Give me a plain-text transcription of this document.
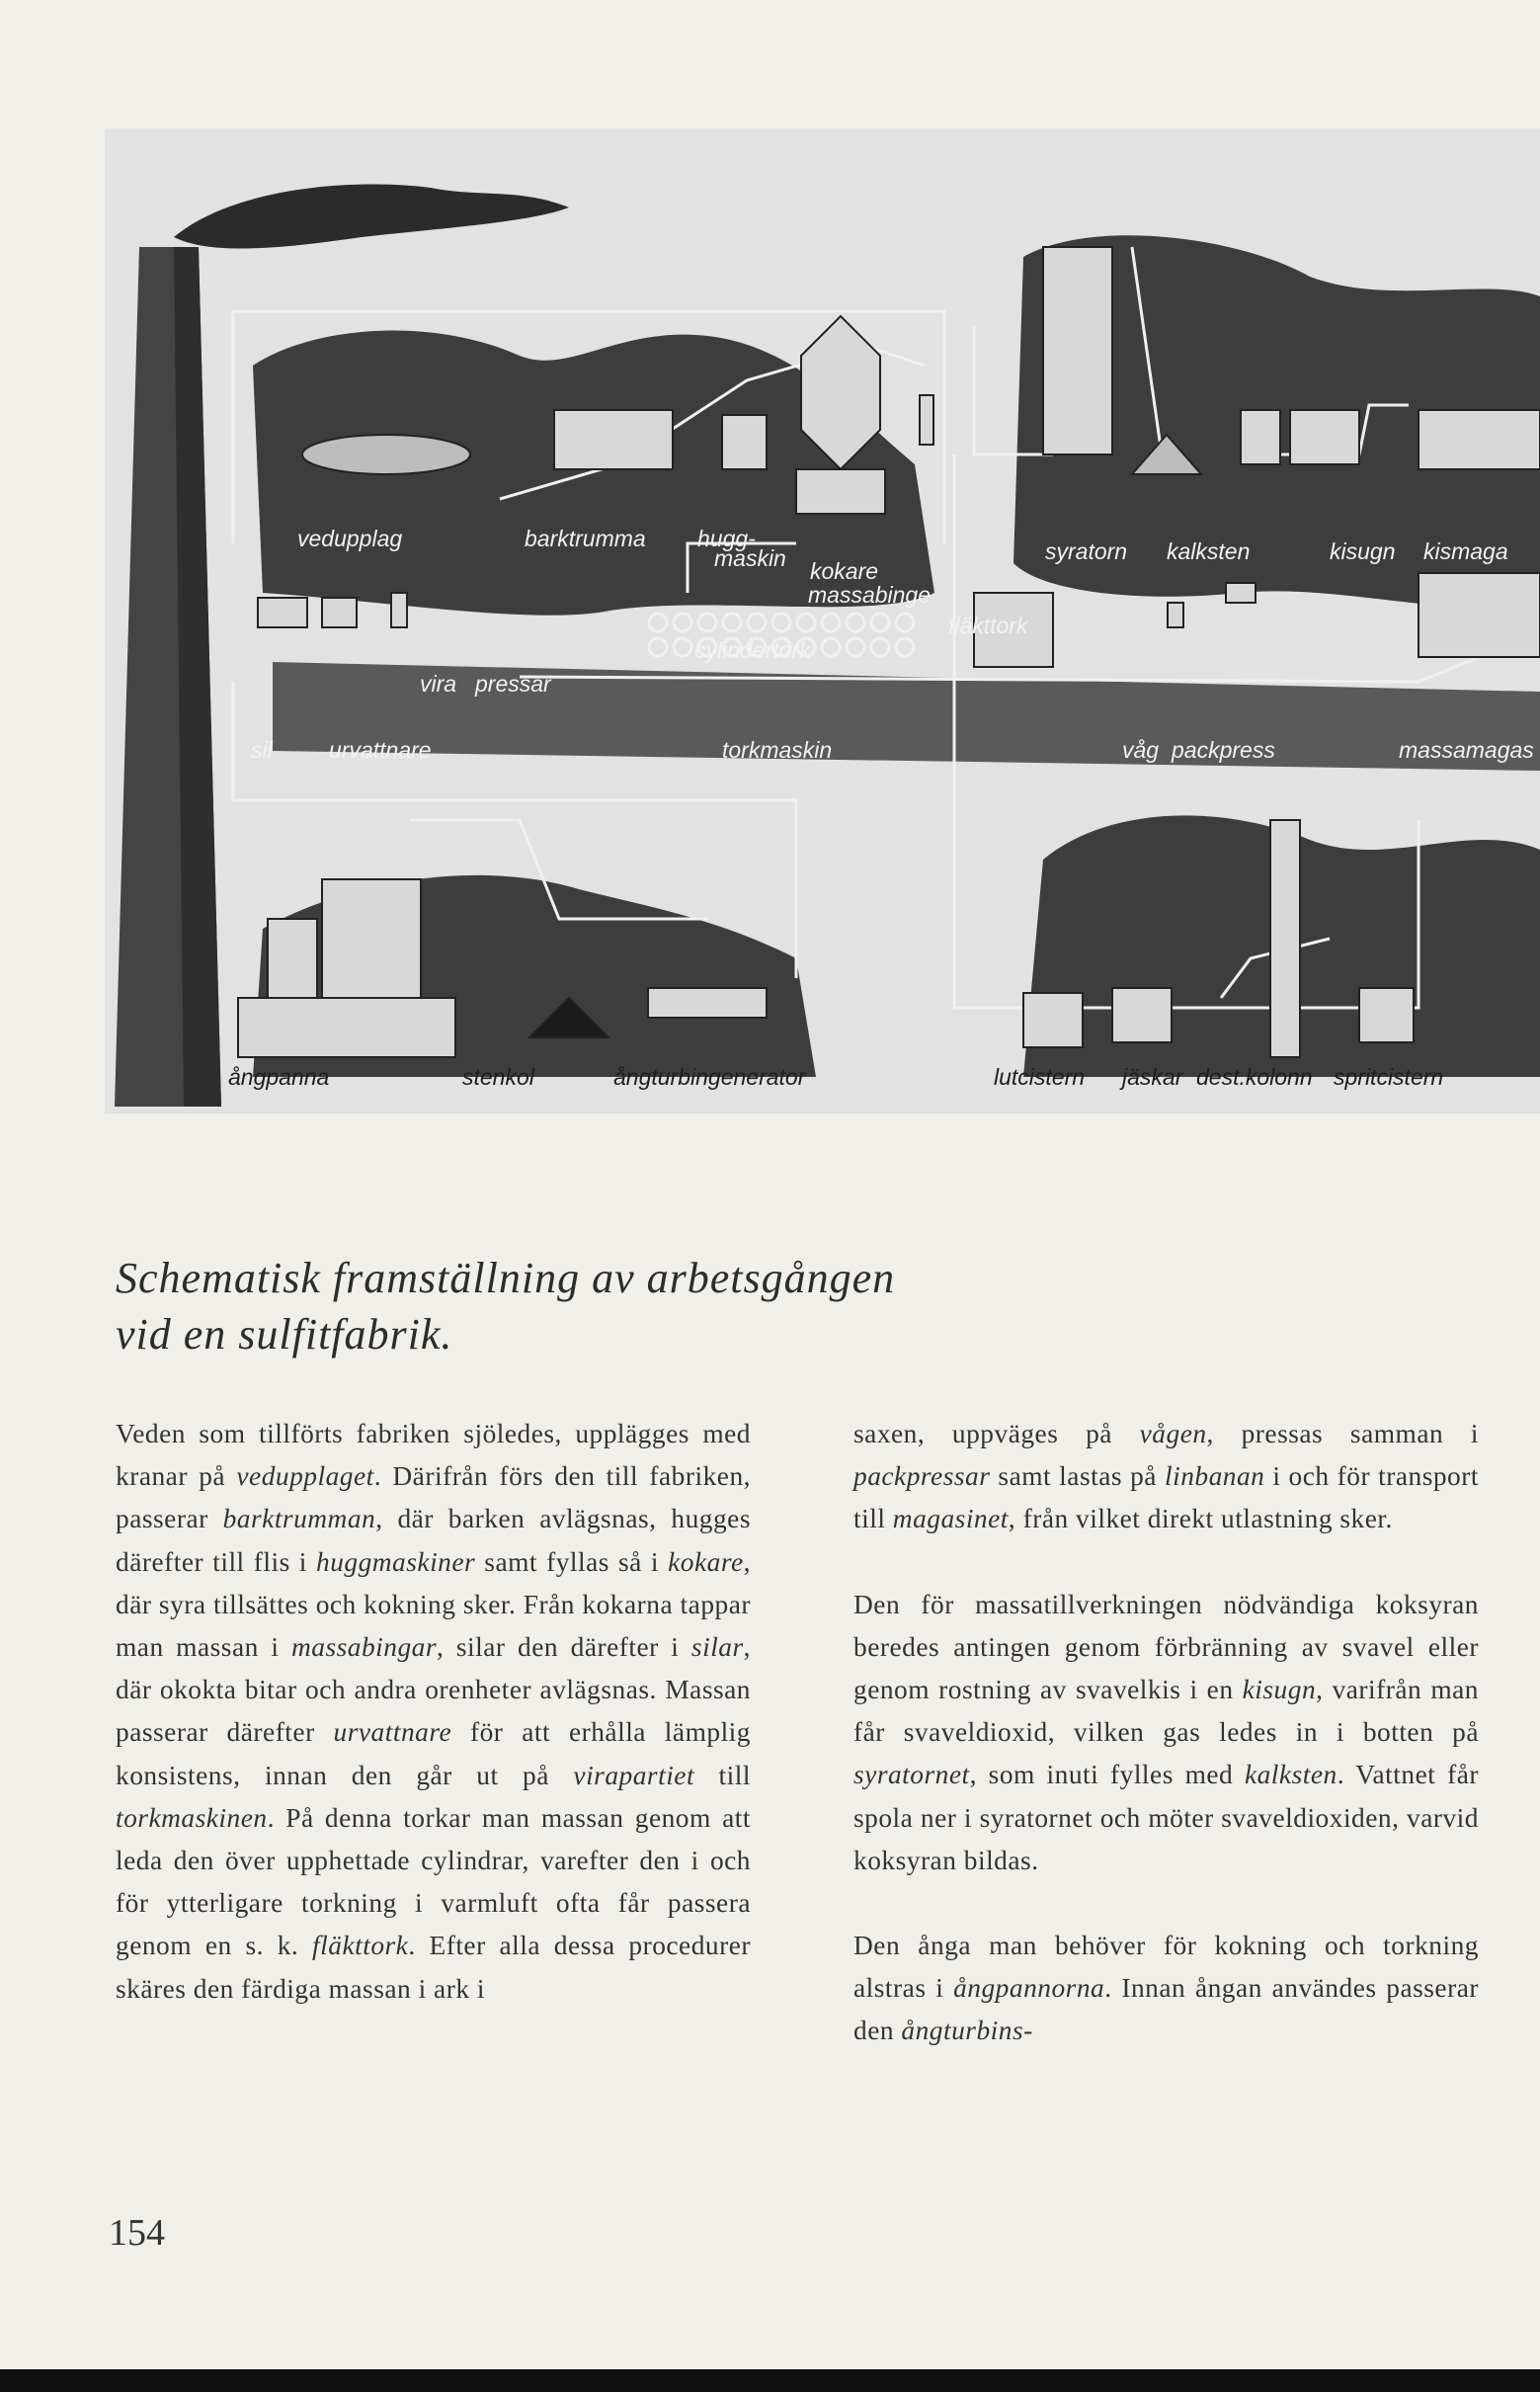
vedupplag	barktrumma hugg-
maskin kokare
massabinge
syratorn kalksten	kisugn kismaga
fläkttork
cylindertork
vira pressar
sil urvattnare	torkmaskin	våg packpress	massamagas
ångpanna	stenkol	ångturbingenerator	lutcistern jäskar dest.kolonn spritcistern
Schematisk framställning av arbetsgången
vid en sulfitfabrik.

Veden som tillförts fabriken sjöledes, upplägges med kranar på vedupplaget. Därifrån förs den till fabriken, passerar barktrumman, där barken avlägsnas, hugges därefter till flis i huggmaskiner samt fyllas så i kokare, där syra tillsättes och kokning sker. Från kokarna tappar man massan i massabingar, silar den därefter i silar, där okokta bitar och andra orenheter avlägsnas. Massan passerar därefter urvattnare för att erhålla lämplig konsistens, innan den går ut på virapartiet till torkmaskinen. På denna torkar man massan genom att leda den över upphettade cylindrar, varefter den i och för ytterligare torkning i varmluft ofta får passera genom en s. k. fläkttork. Efter alla dessa procedurer skäres den färdiga massan i ark i

saxen, uppväges på vågen, pressas samman i packpressar samt lastas på linbanan i och för transport till magasinet, från vilket direkt utlastning sker.

Den för massatillverkningen nödvändiga koksyran beredes antingen genom förbränning av svavel eller genom rostning av svavelkis i en kisugn, varifrån man får svaveldioxid, vilken gas ledes in i botten på syratornet, som inuti fylles med kalksten. Vattnet får spola ner i syratornet och möter svaveldioxiden, varvid koksyran bildas.

Den ånga man behöver för kokning och torkning alstras i ångpannorna. Innan ångan användes passerar den ångturbins-

154
